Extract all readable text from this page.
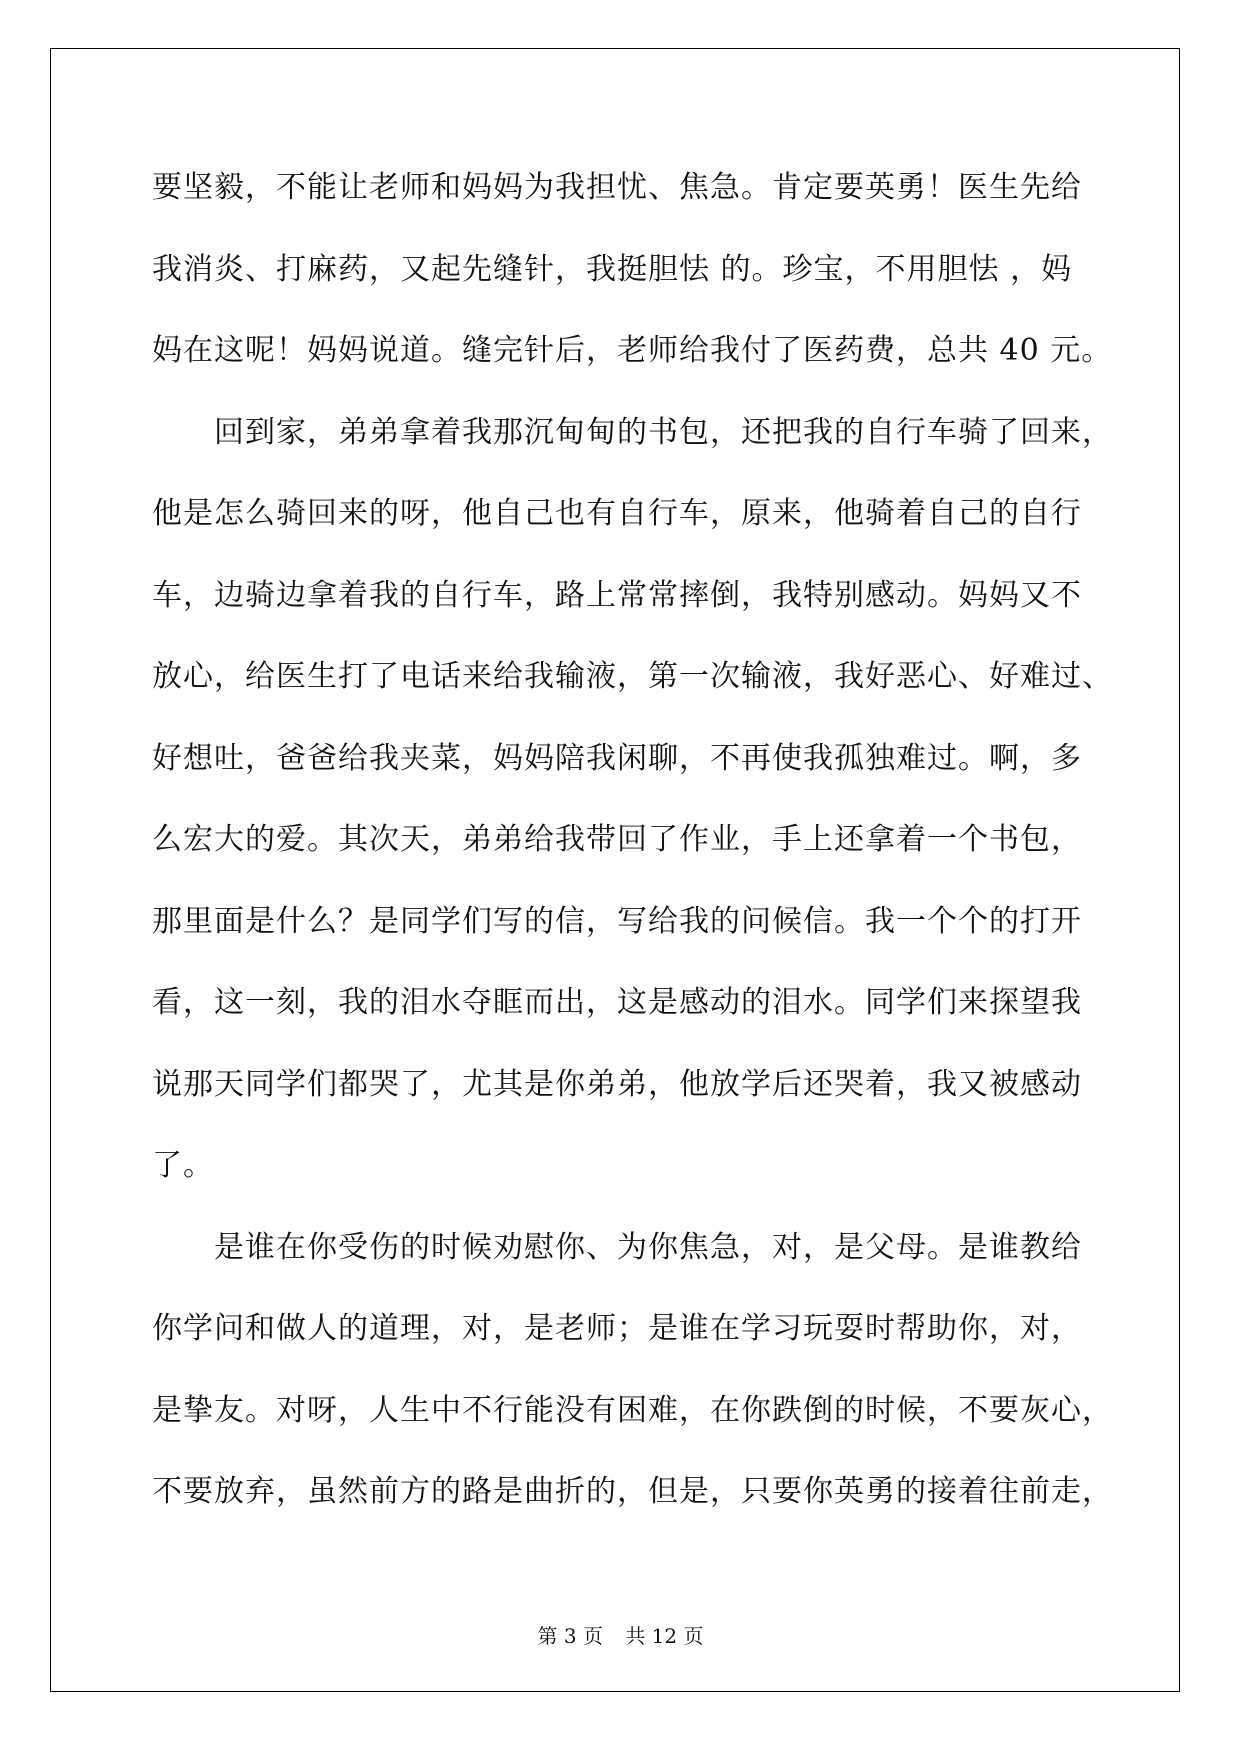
要坚毅，不能让老师和妈妈为我担忧、焦急。肯定要英勇！医生先给
我消炎、打麻药，又起先缝针，我挺胆怯 的。珍宝，不用胆怯 ，妈
妈在这呢！妈妈说道。缝完针后，老师给我付了医药费，总共 40 元。
回到家，弟弟拿着我那沉甸甸的书包，还把我的自行车骑了回来，
他是怎么骑回来的呀，他自己也有自行车，原来，他骑着自己的自行
车，边骑边拿着我的自行车，路上常常摔倒，我特别感动。妈妈又不
放心，给医生打了电话来给我输液，第一次输液，我好恶心、好难过、
好想吐，爸爸给我夹菜，妈妈陪我闲聊，不再使我孤独难过。啊，多
么宏大的爱。其次天，弟弟给我带回了作业，手上还拿着一个书包，
那里面是什么？是同学们写的信，写给我的问候信。我一个个的打开
看，这一刻，我的泪水夺眶而出，这是感动的泪水。同学们来探望我
说那天同学们都哭了，尤其是你弟弟，他放学后还哭着，我又被感动
了。
是谁在你受伤的时候劝慰你、为你焦急，对，是父母。是谁教给
你学问和做人的道理，对，是老师；是谁在学习玩耍时帮助你，对，
是挚友。对呀，人生中不行能没有困难，在你跌倒的时候，不要灰心，
不要放弃，虽然前方的路是曲折的，但是，只要你英勇的接着往前走，
第 3 页 共 12 页
